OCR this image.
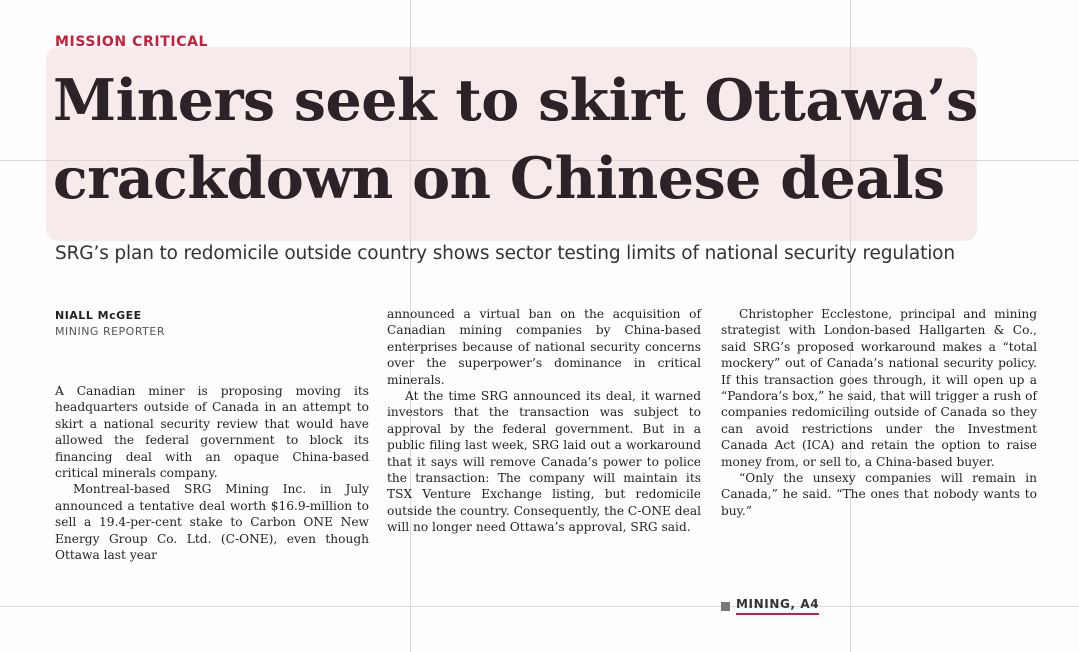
MISSION CRITICAL
Miners seek to skirt Ottawa’s crackdown on Chinese deals
SRG’s plan to redomicile outside country shows sector testing limits of national security regulation
NIALL McGEE
MINING REPORTER

A Canadian miner is proposing moving its headquarters outside of Canada in an attempt to skirt a national security review that would have allowed the federal government to block its financing deal with an opaque China-based critical minerals company.

Montreal-based SRG Mining Inc. in July announced a tentative deal worth $16.9-million to sell a 19.4-per-cent stake to Carbon ONE New Energy Group Co. Ltd. (C-ONE), even though Ottawa last year

announced a virtual ban on the acquisition of Canadian mining companies by China-based enterprises because of national security concerns over the superpower’s dominance in critical minerals.

At the time SRG announced its deal, it warned investors that the transaction was subject to approval by the federal government. But in a public filing last week, SRG laid out a workaround that it says will remove Canada’s power to police the transaction: The company will maintain its TSX Venture Exchange listing, but redomicile outside the country. Consequently, the C-ONE deal will no longer need Ottawa’s approval, SRG said.

Christopher Ecclestone, principal and mining strategist with London-based Hallgarten & Co., said SRG’s proposed workaround makes a “total mockery” out of Canada’s national security policy. If this transaction goes through, it will open up a “Pandora’s box,” he said, that will trigger a rush of companies redomiciling outside of Canada so they can avoid restrictions under the Investment Canada Act (ICA) and retain the option to raise money from, or sell to, a China-based buyer.

“Only the unsexy companies will remain in Canada,” he said. “The ones that nobody wants to buy.”

MINING, A4
